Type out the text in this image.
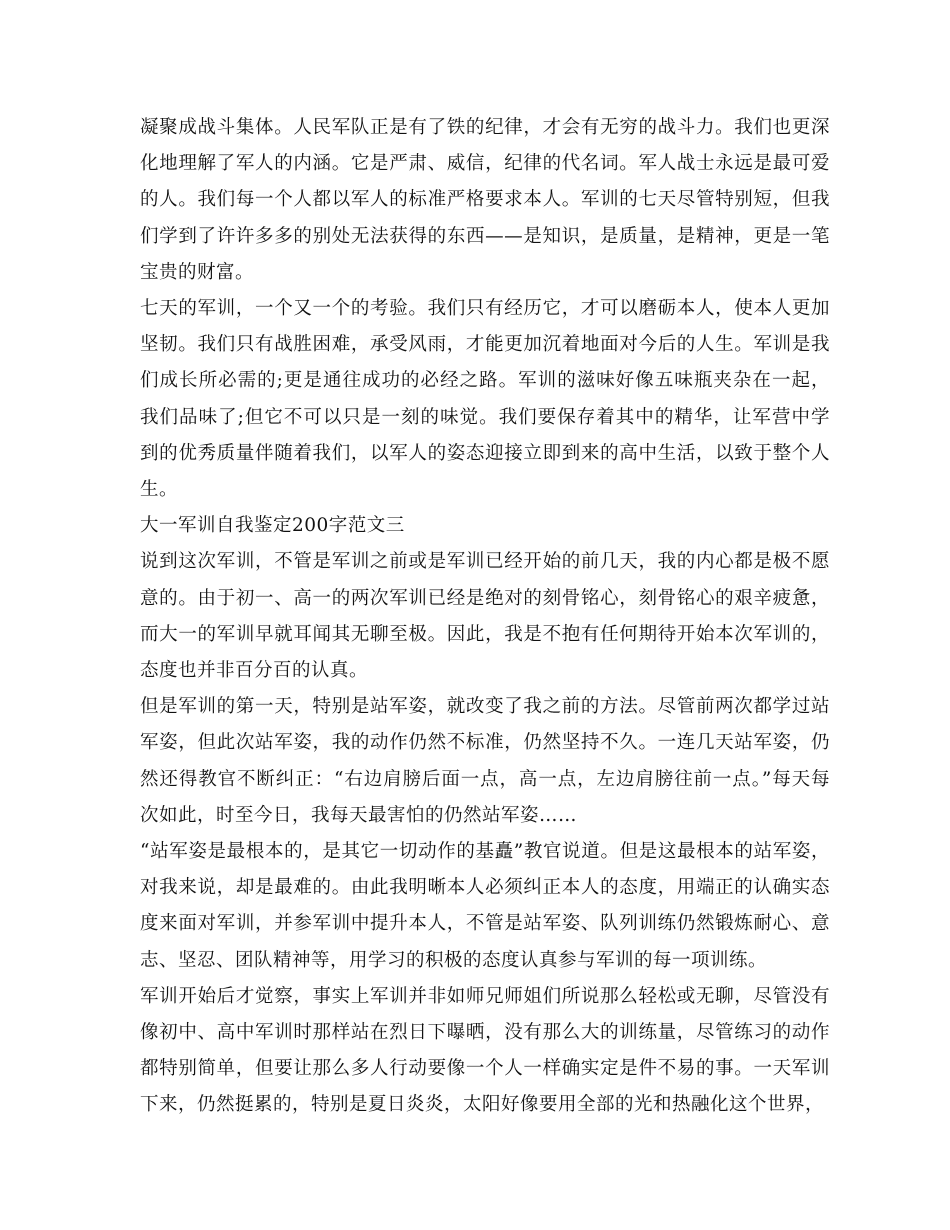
凝聚成战斗集体。人民军队正是有了铁的纪律，才会有无穷的战斗力。我们也更深化地理解了军人的内涵。它是严肃、威信，纪律的代名词。军人战士永远是最可爱的人。我们每一个人都以军人的标准严格要求本人。军训的七天尽管特别短，但我们学到了许许多多的别处无法获得的东西——是知识，是质量，是精神，更是一笔宝贵的财富。

七天的军训，一个又一个的考验。我们只有经历它，才可以磨砺本人，使本人更加坚韧。我们只有战胜困难，承受风雨，才能更加沉着地面对今后的人生。军训是我们成长所必需的;更是通往成功的必经之路。军训的滋味好像五味瓶夹杂在一起，我们品味了;但它不可以只是一刻的味觉。我们要保存着其中的精华，让军营中学到的优秀质量伴随着我们，以军人的姿态迎接立即到来的高中生活，以致于整个人生。

大一军训自我鉴定200字范文三

说到这次军训，不管是军训之前或是军训已经开始的前几天，我的内心都是极不愿意的。由于初一、高一的两次军训已经是绝对的刻骨铭心，刻骨铭心的艰辛疲惫，而大一的军训早就耳闻其无聊至极。因此，我是不抱有任何期待开始本次军训的，态度也并非百分百的认真。

但是军训的第一天，特别是站军姿，就改变了我之前的方法。尽管前两次都学过站军姿，但此次站军姿，我的动作仍然不标准，仍然坚持不久。一连几天站军姿，仍然还得教官不断纠正：“右边肩膀后面一点，高一点，左边肩膀往前一点。”每天每次如此，时至今日，我每天最害怕的仍然站军姿……

“站军姿是最根本的，是其它一切动作的基矗”教官说道。但是这最根本的站军姿，对我来说，却是最难的。由此我明晰本人必须纠正本人的态度，用端正的认确实态度来面对军训，并参军训中提升本人，不管是站军姿、队列训练仍然锻炼耐心、意志、坚忍、团队精神等，用学习的积极的态度认真参与军训的每一项训练。

军训开始后才觉察，事实上军训并非如师兄师姐们所说那么轻松或无聊，尽管没有像初中、高中军训时那样站在烈日下曝晒，没有那么大的训练量，尽管练习的动作都特别简单，但要让那么多人行动要像一个人一样确实定是件不易的事。一天军训下来，仍然挺累的，特别是夏日炎炎，太阳好像要用全部的光和热融化这个世界，
